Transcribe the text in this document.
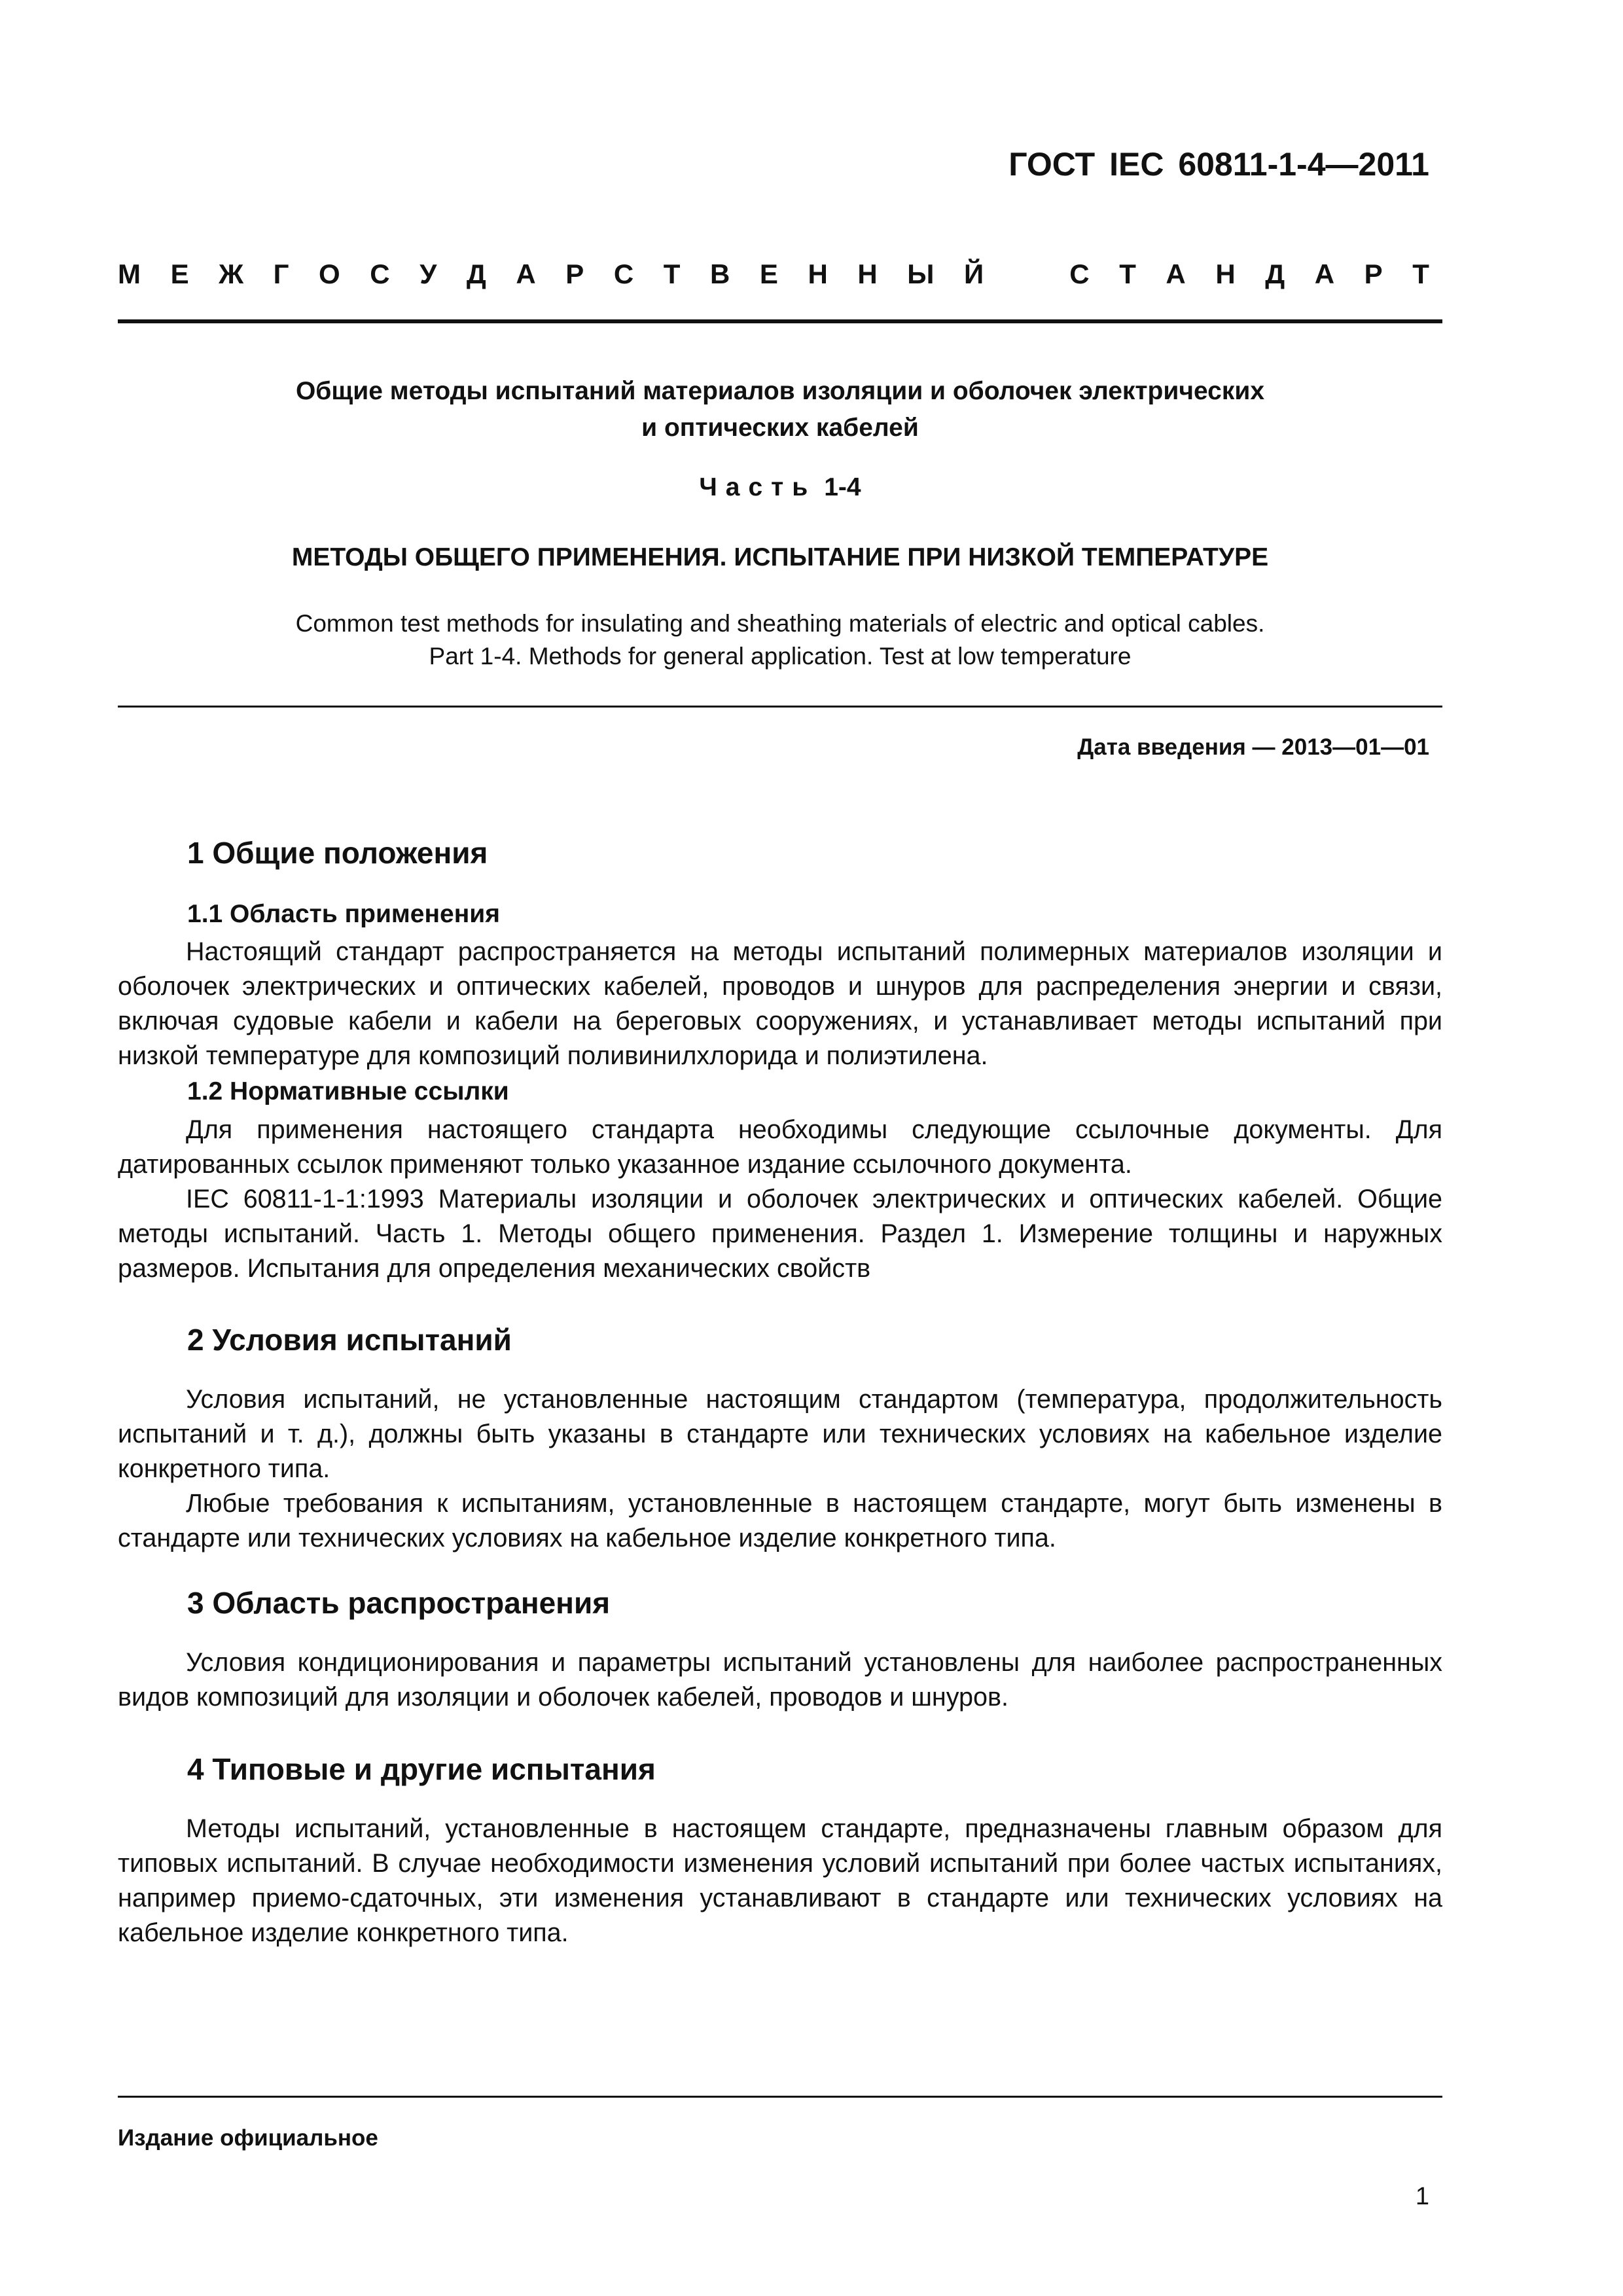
ГОСТ IEC 60811-1-4—2011
М Е Ж Г О С У Д А Р С Т В Е Н Н Ы Й	С Т А Н Д А Р Т
Общие методы испытаний материалов изоляции и оболочек электрических
и оптических кабелей
Часть 1-4
МЕТОДЫ ОБЩЕГО ПРИМЕНЕНИЯ. ИСПЫТАНИЕ ПРИ НИЗКОЙ ТЕМПЕРАТУРЕ
Common test methods for insulating and sheathing materials of electric and optical cables.
Part 1-4. Methods for general application. Test at low temperature
Дата введения — 2013—01—01
1 Общие положения
1.1 Область применения

Настоящий стандарт распространяется на методы испытаний полимерных материалов изоляции и оболочек электрических и оптических кабелей, проводов и шнуров для распределения энергии и связи, включая судовые кабели и кабели на береговых сооружениях, и устанавливает методы испытаний при низкой температуре для композиций поливинилхлорида и полиэтилена.

1.2 Нормативные ссылки

Для применения настоящего стандарта необходимы следующие ссылочные документы. Для датированных ссылок применяют только указанное издание ссылочного документа.

IEC 60811-1-1:1993 Материалы изоляции и оболочек электрических и оптических кабелей. Общие методы испытаний. Часть 1. Методы общего применения. Раздел 1. Измерение толщины и наружных размеров. Испытания для определения механических свойств

2 Условия испытаний

Условия испытаний, не установленные настоящим стандартом (температура, продолжительность испытаний и т. д.), должны быть указаны в стандарте или технических условиях на кабельное изделие конкретного типа.

Любые требования к испытаниям, установленные в настоящем стандарте, могут быть изменены в стандарте или технических условиях на кабельное изделие конкретного типа.

3 Область распространения

Условия кондиционирования и параметры испытаний установлены для наиболее распространенных видов композиций для изоляции и оболочек кабелей, проводов и шнуров.

4 Типовые и другие испытания

Методы испытаний, установленные в настоящем стандарте, предназначены главным образом для типовых испытаний. В случае необходимости изменения условий испытаний при более частых испытаниях, например приемо-сдаточных, эти изменения устанавливают в стандарте или технических условиях на кабельное изделие конкретного типа.

Издание официальное
1
